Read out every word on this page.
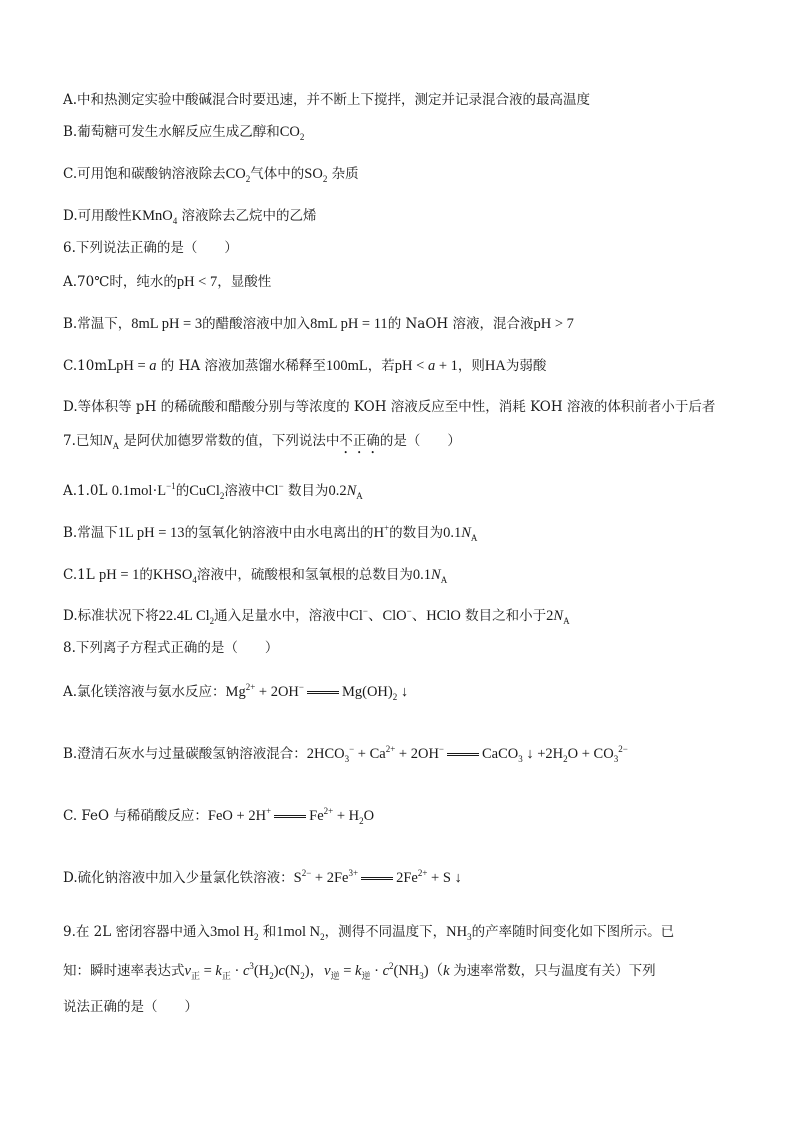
A.中和热测定实验中酸碱混合时要迅速，并不断上下搅拌，测定并记录混合液的最高温度
B.葡萄糖可发生水解反应生成乙醇和$CO_2$
C.可用饱和碳酸钠溶液除去$CO_2$气体中的$SO_2$ 杂质
D.可用酸性KMnO$_4$ 溶液除去乙烷中的乙烯
6.下列说法正确的是（　　）
A.70℃时，纯水的pH < 7，显酸性
B.常温下，8mL pH = 3的醋酸溶液中加入8mL pH = 11的 NaOH 溶液，混合液pH > 7
C.10mLpH = a 的 HA 溶液加蒸馏水稀释至100mL，若pH < a + 1，则HA为弱酸
D.等体积等 pH 的稀硫酸和醋酸分别与等浓度的 KOH 溶液反应至中性，消耗 KOH 溶液的体积前者小于后者
7.已知$N_A$ 是阿伏加德罗常数的值，下列说法中不正确的是（　　）
A.1.0L $0.1mol\cdot L^{-1}$的CuCl$_2$溶液中Cl− 数目为$0.2N_A$
B.常温下1L pH = 13的氢氧化钠溶液中由水电离出的H+的数目为$0.1N_A$
C.1L pH = 1的$KHSO_4$溶液中，硫酸根和氢氧根的总数目为$0.1N_A$
D.标准状况下将22.4L $Cl_2$通入足量水中，溶液中Cl−、ClO−、HClO 数目之和小于$2N_A$
8.下列离子方程式正确的是（　　）
A.氯化镁溶液与氨水反应：$Mg^{2+} + 2OH^-$	$Mg(OH)_2$ ↓
B.澄清石灰水与过量碳酸氢钠溶液混合：$2HCO_3^- + Ca^{2+} + 2OH^-$	CaCO$_3$ ↓ $+2H_2O + CO_3^{2-}$
C. FeO 与稀硝酸反应：FeO + 2H+	$Fe^{2+} + H_2O$
D.硫化钠溶液中加入少量氯化铁溶液：$S^{2-} + 2Fe^{3+}$	$2Fe^{2+} + S$ ↓
9.在 2L 密闭容器中通入3mol $H_2$ 和1mol $N_2$，测得不同温度下，$NH_3$的产率随时间变化如下图所示。已
知：瞬时速率表达式$v_正 = k_正 \cdot c^3(H_2)c(N_2)$，$v_逆 = k_逆 \cdot c^2(NH_3)(k$ 为速率常数，只与温度有关）下列
说法正确的是（　　）
